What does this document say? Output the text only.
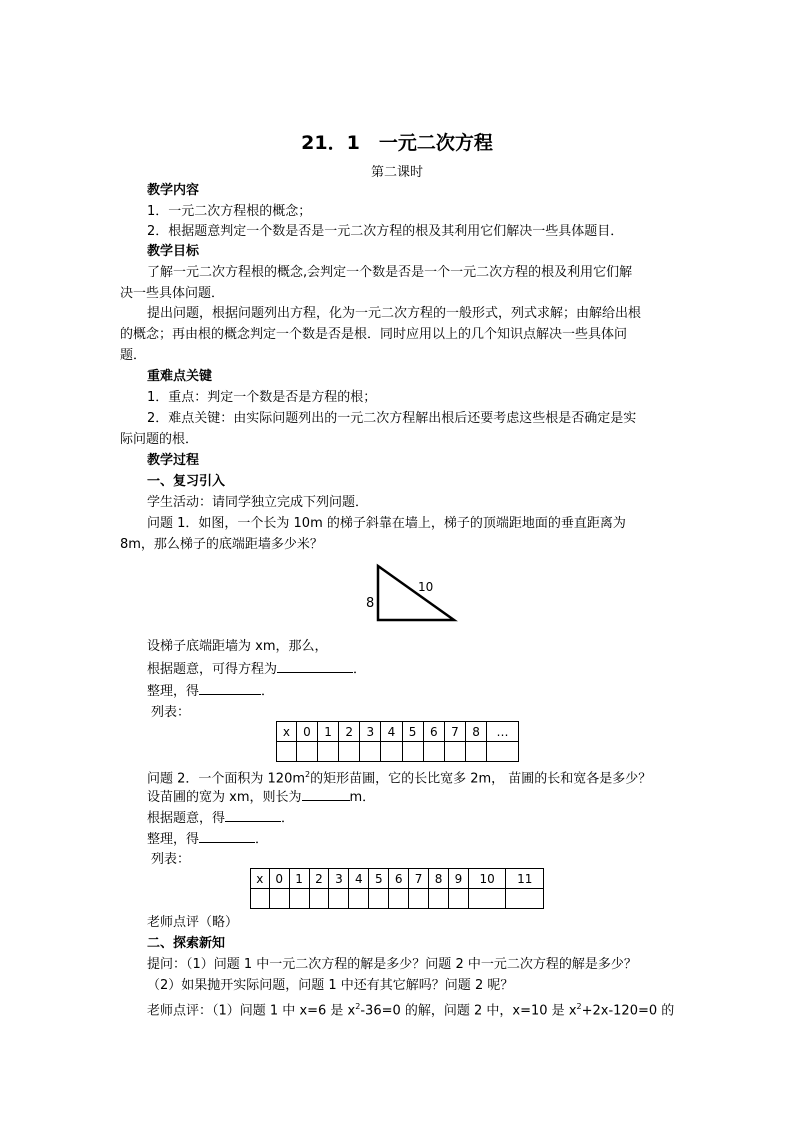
21．1　一元二次方程
第二课时
教学内容
1．一元二次方程根的概念；
2．根据题意判定一个数是否是一元二次方程的根及其利用它们解决一些具体题目．
教学目标
了解一元二次方程根的概念,会判定一个数是否是一个一元二次方程的根及利用它们解
决一些具体问题．
提出问题，根据问题列出方程，化为一元二次方程的一般形式，列式求解；由解给出根
的概念；再由根的概念判定一个数是否是根．同时应用以上的几个知识点解决一些具体问
题．
重难点关键
1．重点：判定一个数是否是方程的根；
2．难点关键：由实际问题列出的一元二次方程解出根后还要考虑这些根是否确定是实
际问题的根．
教学过程
一、复习引入
学生活动：请同学独立完成下列问题．
问题 1．如图，一个长为 10m 的梯子斜靠在墙上，梯子的顶端距地面的垂直距离为
8m，那么梯子的底端距墙多少米？
10
8
设梯子底端距墙为 xm，那么，
根据题意，可得方程为	．
整理，得	．
列表：
x	0	1	2	3	4	5	6	7	8	…

问题 2．一个面积为 $120m^2$的矩形苗圃，它的长比宽多 2m， 苗圃的长和宽各是多少？
设苗圃的宽为 xm，则长为	m．
根据题意，得	．
整理，得	．
列表：
x	0	1	2	3	4	5	6	7	8	9	10	11

老师点评（略）
二、探索新知
提问：（1）问题 1 中一元二次方程的解是多少？问题 2 中一元二次方程的解是多少？
（2）如果抛开实际问题，问题 1 中还有其它解吗？问题 2 呢？
老师点评：（1）问题 1 中 x=6 是 $x^2-36=0$ 的解，问题 2 中，x=10 是 $x^2+2x-120=0$ 的
